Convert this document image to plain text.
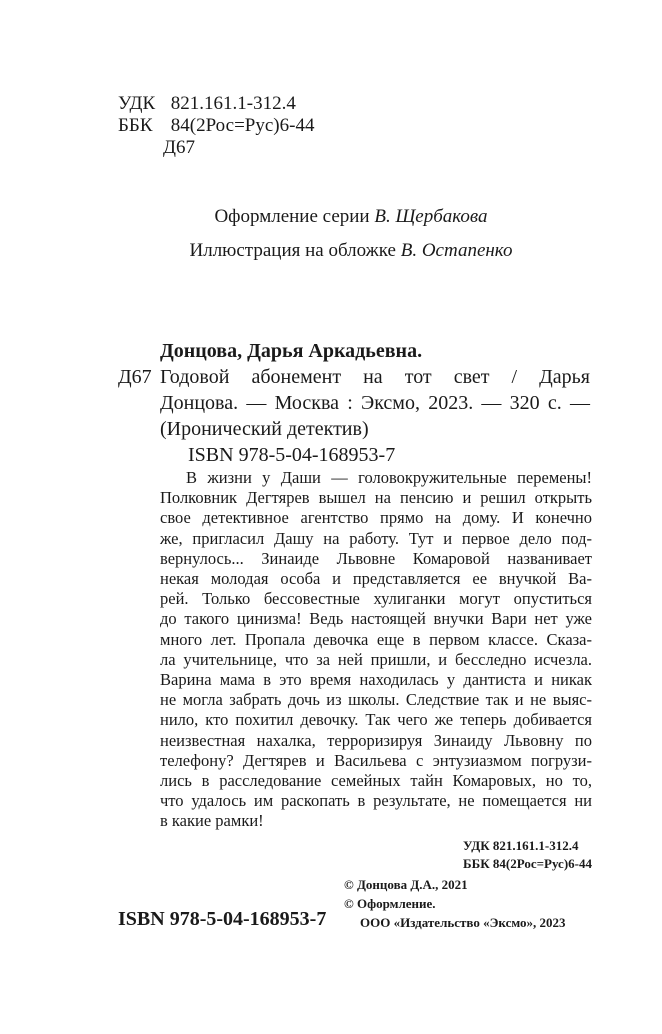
УДК 821.161.1-312.4
ББК 84(2Рос=Рус)6-44
Д67
Оформление серии В. Щербакова
Иллюстрация на обложке В. Остапенко
Донцова, Дарья Аркадьевна.
Д67 Годовой абонемент на тот свет / Дарья
Донцова. — Москва : Эксмо, 2023. — 320 с. —
(Иронический детектив)
ISBN 978-5-04-168953-7
В жизни у Даши — головокружительные перемены!
Полковник Дегтярев вышел на пенсию и решил открыть
свое детективное агентство прямо на дому. И конечно
же, пригласил Дашу на работу. Тут и первое дело под-
вернулось... Зинаиде Львовне Комаровой названивает
некая молодая особа и представляется ее внучкой Ва-
рей. Только бессовестные хулиганки могут опуститься
до такого цинизма! Ведь настоящей внучки Вари нет уже
много лет. Пропала девочка еще в первом классе. Сказа-
ла учительнице, что за ней пришли, и бесследно исчезла.
Варина мама в это время находилась у дантиста и никак
не могла забрать дочь из школы. Следствие так и не выяс-
нило, кто похитил девочку. Так чего же теперь добивается
неизвестная нахалка, терроризируя Зинаиду Львовну по
телефону? Дегтярев и Васильева с энтузиазмом погрузи-
лись в расследование семейных тайн Комаровых, но то,
что удалось им раскопать в результате, не помещается ни
в какие рамки!
УДК 821.161.1-312.4
ББК 84(2Рос=Рус)6-44
ISBN 978-5-04-168953-7
© Донцова Д.А., 2021
© Оформление.
ООО «Издательство «Эксмо», 2023
